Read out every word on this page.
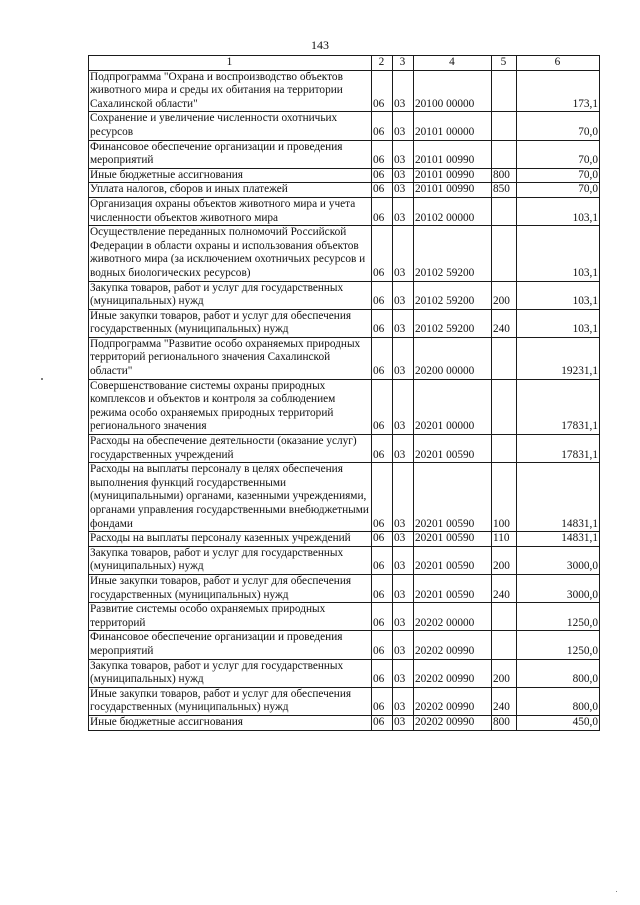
143
1	2	3	4	5	6
Подпрограмма "Охрана и воспроизводство объектов животного мира и среды их обитания на территории Сахалинской области"	06	03	20100 00000		173,1
Сохранение и увеличение численности охотничьих ресурсов	06	03	20101 00000		70,0
Финансовое обеспечение организации и проведения мероприятий	06	03	20101 00990		70,0
Иные бюджетные ассигнования	06	03	20101 00990	800	70,0
Уплата налогов, сборов и иных платежей	06	03	20101 00990	850	70,0
Организация охраны объектов животного мира и учета численности объектов животного мира	06	03	20102 00000		103,1
Осуществление переданных полномочий Российской Федерации в области охраны и использования объектов животного мира (за исключением охотничьих ресурсов и водных биологических ресурсов)	06	03	20102 59200		103,1
Закупка товаров, работ и услуг для государственных (муниципальных) нужд	06	03	20102 59200	200	103,1
Иные закупки товаров, работ и услуг для обеспечения государственных (муниципальных) нужд	06	03	20102 59200	240	103,1
Подпрограмма "Развитие особо охраняемых природных территорий регионального значения Сахалинской области"	06	03	20200 00000		19231,1
Совершенствование системы охраны природных комплексов и объектов и контроля за соблюдением режима особо охраняемых природных территорий регионального значения	06	03	20201 00000		17831,1
Расходы на обеспечение деятельности (оказание услуг) государственных учреждений	06	03	20201 00590		17831,1
Расходы на выплаты персоналу в целях обеспечения выполнения функций государственными (муниципальными) органами, казенными учреждениями, органами управления государственными внебюджетными фондами	06	03	20201 00590	100	14831,1
Расходы на выплаты персоналу казенных учреждений	06	03	20201 00590	110	14831,1
Закупка товаров, работ и услуг для государственных (муниципальных) нужд	06	03	20201 00590	200	3000,0
Иные закупки товаров, работ и услуг для обеспечения государственных (муниципальных) нужд	06	03	20201 00590	240	3000,0
Развитие системы особо охраняемых природных территорий	06	03	20202 00000		1250,0
Финансовое обеспечение организации и проведения мероприятий	06	03	20202 00990		1250,0
Закупка товаров, работ и услуг для государственных (муниципальных) нужд	06	03	20202 00990	200	800,0
Иные закупки товаров, работ и услуг для обеспечения государственных (муниципальных) нужд	06	03	20202 00990	240	800,0
Иные бюджетные ассигнования	06	03	20202 00990	800	450,0
